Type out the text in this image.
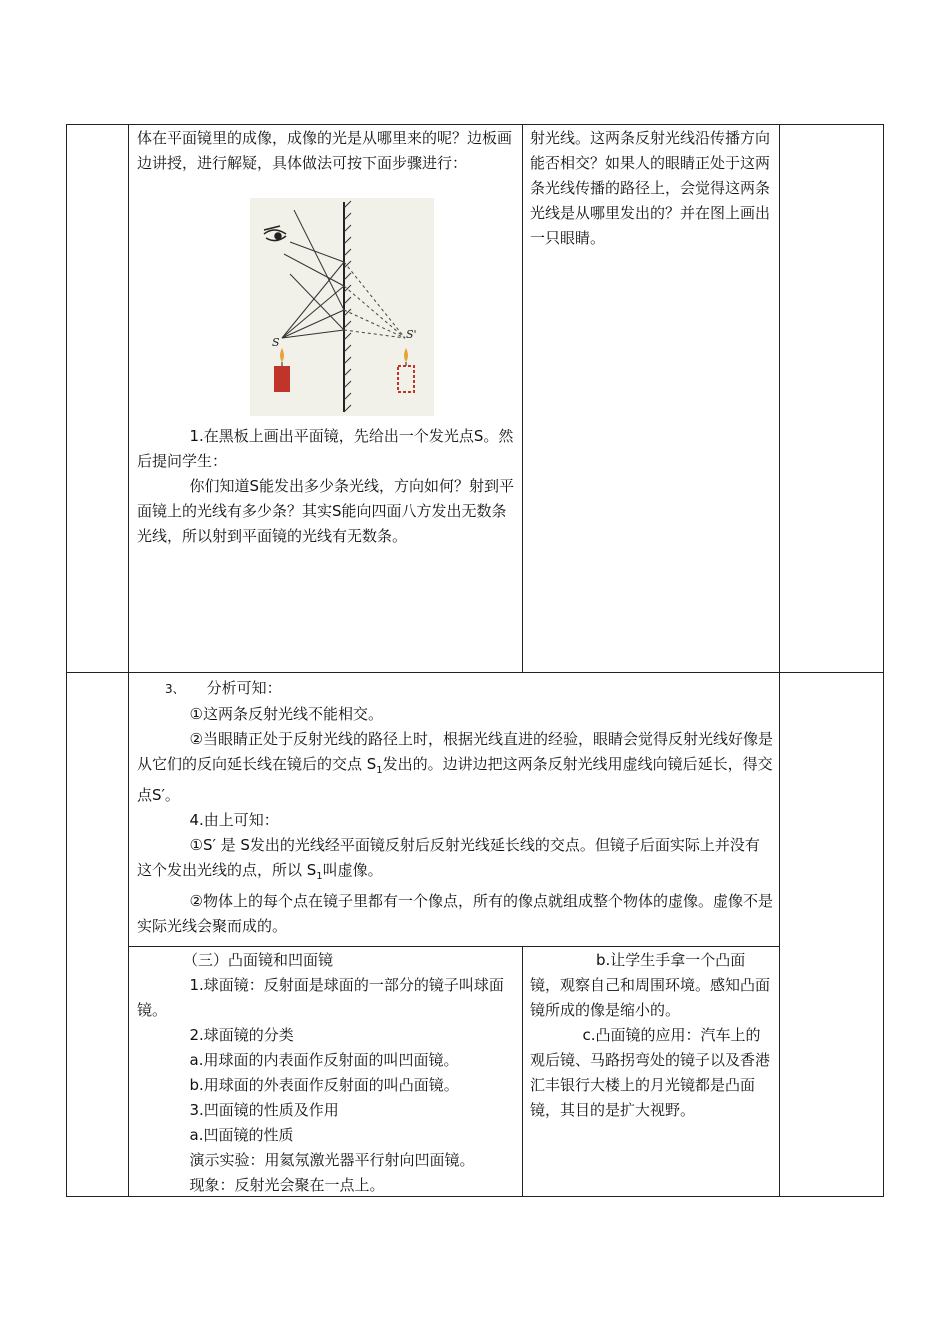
体在平面镜里的成像，成像的光是从哪里来的呢？边板画边讲授，进行解疑，具体做法可按下面步骤进行：

S
S'

1.在黑板上画出平面镜，先给出一个发光点S。然后提问学生：

你们知道S能发出多少条光线，方向如何？射到平面镜上的光线有多少条？其实S能向四面八方发出无数条光线，所以射到平面镜的光线有无数条。

射光线。这两条反射光线沿传播方向能否相交？如果人的眼睛正处于这两条光线传播的路径上，会觉得这两条光线是从哪里发出的？并在图上画出一只眼睛。

3、 分析可知：

①这两条反射光线不能相交。

②当眼睛正处于反射光线的路径上时，根据光线直进的经验，眼睛会觉得反射光线好像是从它们的反向延长线在镜后的交点 $S_1$发出的。边讲边把这两条反射光线用虚线向镜后延长，得交点S′。

4.由上可知：

①S′ 是 S发出的光线经平面镜反射后反射光线延长线的交点。但镜子后面实际上并没有这个发出光线的点，所以 $S_1$叫虚像。

②物体上的每个点在镜子里都有一个像点，所有的像点就组成整个物体的虚像。虚像不是实际光线会聚而成的。

（三）凸面镜和凹面镜

1.球面镜：反射面是球面的一部分的镜子叫球面镜。

2.球面镜的分类

a.用球面的内表面作反射面的叫凹面镜。

b.用球面的外表面作反射面的叫凸面镜。

3.凹面镜的性质及作用

a.凹面镜的性质

演示实验：用氦氖激光器平行射向凹面镜。

现象：反射光会聚在一点上。

b.让学生手拿一个凸面

镜，观察自己和周围环境。感知凸面镜所成的像是缩小的。

c.凸面镜的应用：汽车上的观后镜、马路拐弯处的镜子以及香港汇丰银行大楼上的月光镜都是凸面镜，其目的是扩大视野。
